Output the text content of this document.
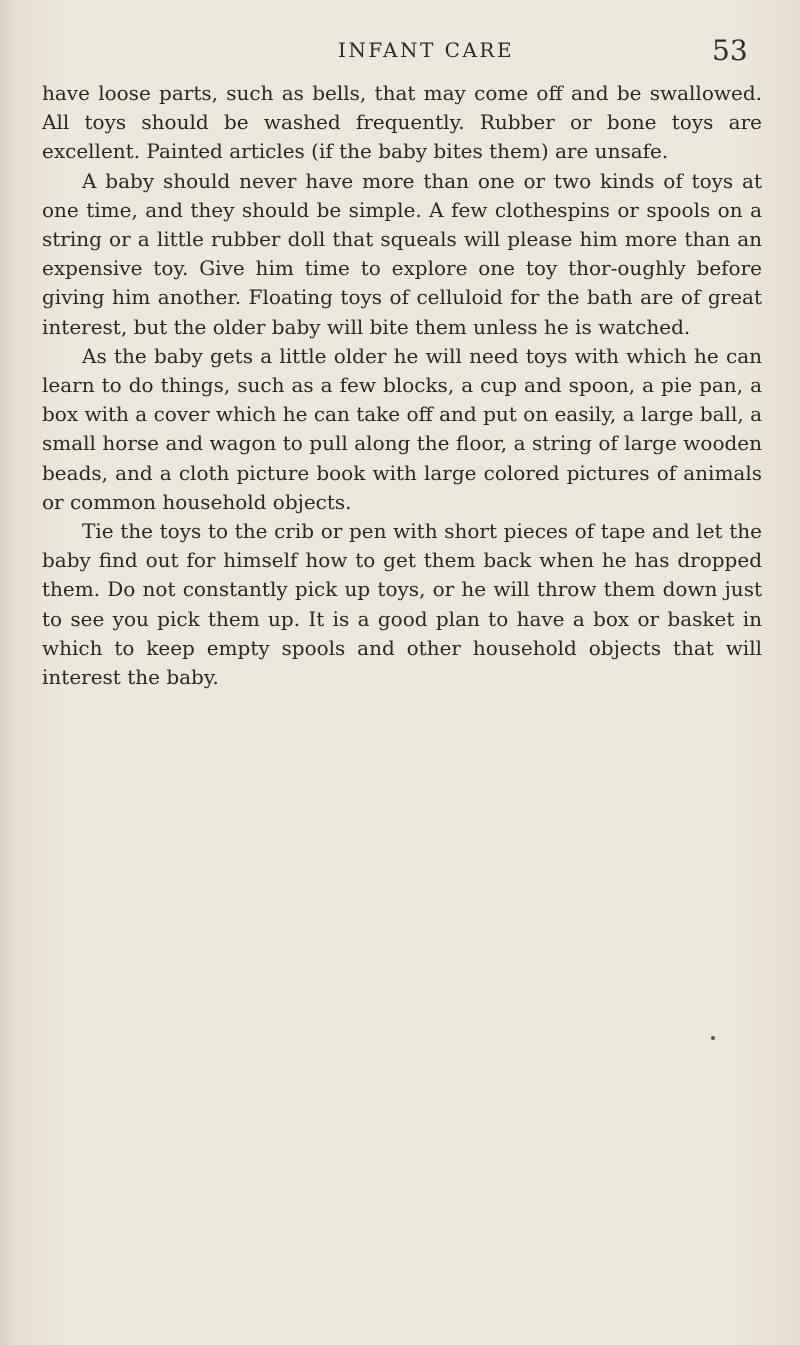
INFANT CARE	53

have loose parts, such as bells, that may come off and be swallowed. All toys should be washed frequently. Rubber or bone toys are excellent. Painted articles (if the baby bites them) are unsafe.

A baby should never have more than one or two kinds of toys at one time, and they should be simple. A few clothespins or spools on a string or a little rubber doll that squeals will please him more than an expensive toy. Give him time to explore one toy thor-oughly before giving him another. Floating toys of celluloid for the bath are of great interest, but the older baby will bite them unless he is watched.

As the baby gets a little older he will need toys with which he can learn to do things, such as a few blocks, a cup and spoon, a pie pan, a box with a cover which he can take off and put on easily, a large ball, a small horse and wagon to pull along the floor, a string of large wooden beads, and a cloth picture book with large colored pictures of animals or common household objects.

Tie the toys to the crib or pen with short pieces of tape and let the baby find out for himself how to get them back when he has dropped them. Do not constantly pick up toys, or he will throw them down just to see you pick them up. It is a good plan to have a box or basket in which to keep empty spools and other household objects that will interest the baby.
